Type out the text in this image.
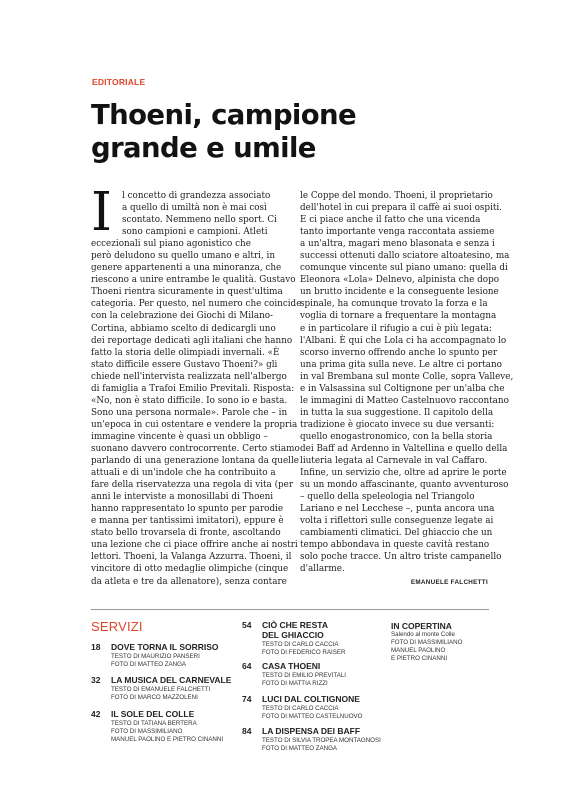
EDITORIALE
Thoeni, campione grande e umile
I l concetto di grandezza associato
a quello di umiltà non è mai così
scontato. Nemmeno nello sport. Ci
sono campioni e campioni. Atleti
eccezionali sul piano agonistico che
però deludono su quello umano e altri, in
genere appartenenti a una minoranza, che
riescono a unire entrambe le qualità. Gustavo
Thoeni rientra sicuramente in quest'ultima
categoria. Per questo, nel numero che coincide
con la celebrazione dei Giochi di Milano-
Cortina, abbiamo scelto di dedicargli uno
dei reportage dedicati agli italiani che hanno
fatto la storia delle olimpiadi invernali. «È
stato difficile essere Gustavo Thoeni?» gli
chiede nell'intervista realizzata nell'albergo
di famiglia a Trafoi Emilio Previtali. Risposta:
«No, non è stato difficile. Io sono io e basta.
Sono una persona normale». Parole che – in
un'epoca in cui ostentare e vendere la propria
immagine vincente è quasi un obbligo –
suonano davvero controcorrente. Certo stiamo
parlando di una generazione lontana da quelle
attuali e di un'indole che ha contribuito a
fare della riservatezza una regola di vita (per
anni le interviste a monosillabi di Thoeni
hanno rappresentato lo spunto per parodie
e manna per tantissimi imitatori), eppure è
stato bello trovarsela di fronte, ascoltando
una lezione che ci piace offrire anche ai nostri
lettori. Thoeni, la Valanga Azzurra. Thoeni, il
vincitore di otto medaglie olimpiche (cinque
da atleta e tre da allenatore), senza contare
le Coppe del mondo. Thoeni, il proprietario
dell'hotel in cui prepara il caffè ai suoi ospiti.
E ci piace anche il fatto che una vicenda
tanto importante venga raccontata assieme
a un'altra, magari meno blasonata e senza i
successi ottenuti dallo sciatore altoatesino, ma
comunque vincente sul piano umano: quella di
Eleonora «Lola» Delnevo, alpinista che dopo
un brutto incidente e la conseguente lesione
spinale, ha comunque trovato la forza e la
voglia di tornare a frequentare la montagna
e in particolare il rifugio a cui è più legata:
l'Albani. È qui che Lola ci ha accompagnato lo
scorso inverno offrendo anche lo spunto per
una prima gita sulla neve. Le altre ci portano
in val Brembana sul monte Colle, sopra Valleve,
e in Valsassina sul Coltignone per un'alba che
le immagini di Matteo Castelnuovo raccontano
in tutta la sua suggestione. Il capitolo della
tradizione è giocato invece su due versanti:
quello enogastronomico, con la bella storia
dei Baff ad Ardenno in Valtellina e quello della
liuteria legata al Carnevale in val Caffaro.
Infine, un servizio che, oltre ad aprire le porte
su un mondo affascinante, quanto avventuroso
– quello della speleologia nel Triangolo
Lariano e nel Lecchese –, punta ancora una
volta i riflettori sulle conseguenze legate ai
cambiamenti climatici. Del ghiaccio che un
tempo abbondava in queste cavità restano
solo poche tracce. Un altro triste campanello
d'allarme.
EMANUELE FALCHETTI
SERVIZI
18 DOVE TORNA IL SORRISO
TESTO DI MAURIZIO PANSERI
FOTO DI MATTEO ZANGA
32 LA MUSICA DEL CARNEVALE
TESTO DI EMANUELE FALCHETTI
FOTO DI MARCO MAZZOLENI
42 IL SOLE DEL COLLE
TESTO DI TATIANA BERTERA
FOTO DI MASSIMILIANO
MANUEL PAOLINO E PIETRO CINANNI
54 CIÒ CHE RESTA
DEL GHIACCIO
TESTO DI CARLO CACCIA
FOTO DI FEDERICO RAISER
64 CASA THOENI
TESTO DI EMILIO PREVITALI
FOTO DI MATTIA RIZZI
74 LUCI DAL COLTIGNONE
TESTO DI CARLO CACCIA
FOTO DI MATTEO CASTELNUOVO
84 LA DISPENSA DEI BAFF
TESTO DI SILVIA TROPEA MONTAGNOSI
FOTO DI MATTEO ZANGA
IN COPERTINA
Salendo al monte Colle
FOTO DI MASSIMILIANO
MANUEL PAOLINO
E PIETRO CINANNI
